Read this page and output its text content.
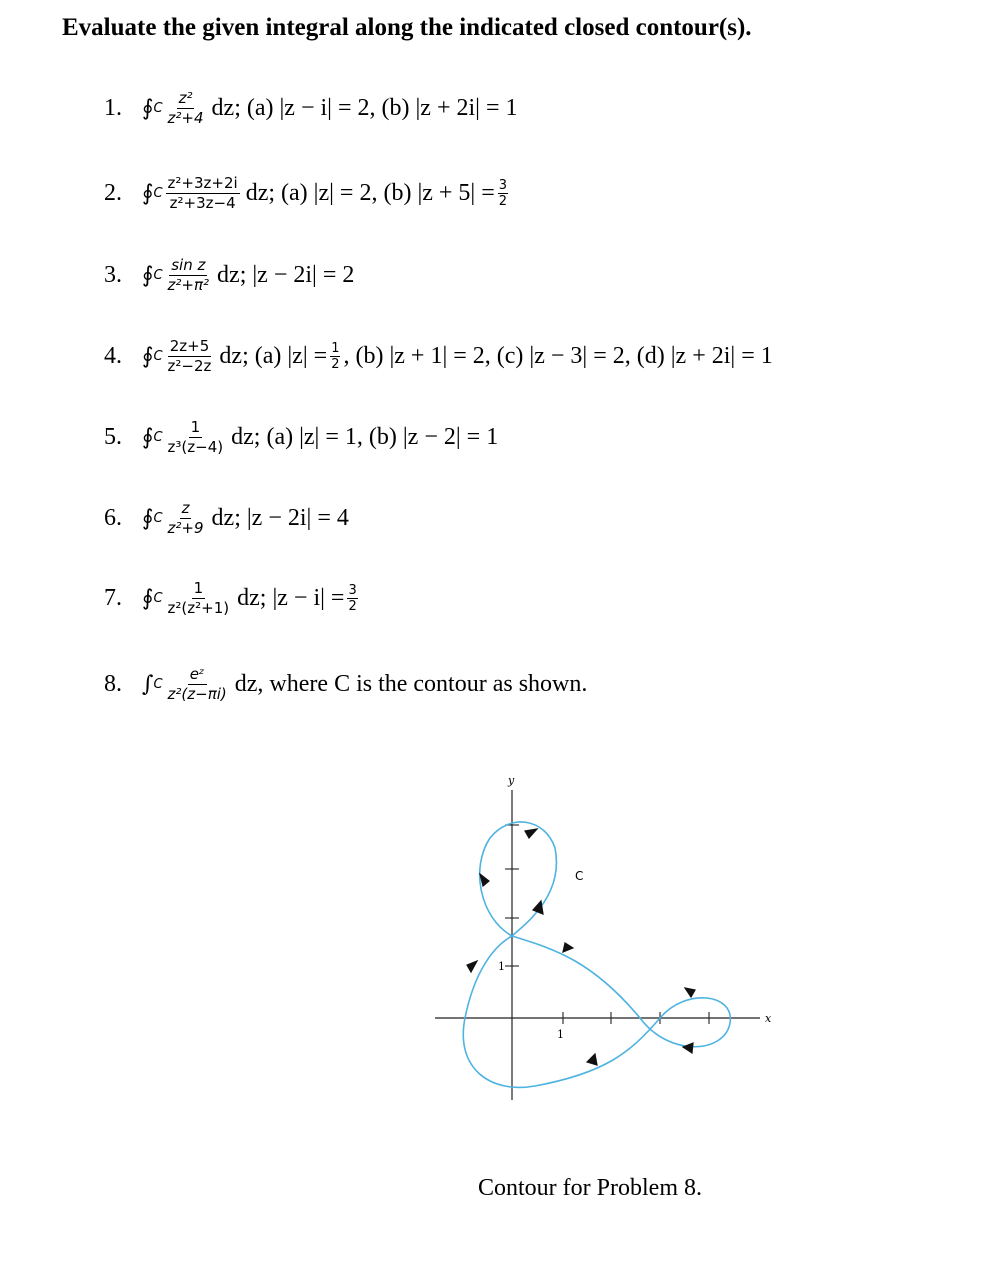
Evaluate the given integral along the indicated closed contour(s).
1. ∮ C $\frac{\text{z²}}{\text{z²+4}}$ dz; (a) |z − i| = 2, (b) |z + 2i| = 1
2. ∮ C $\frac{\text{z²+3z+2i}}{\text{z²+3z−4}}$ dz; (a) |z| = 2, (b) $|z + 5| = \frac{3}{2}$
3. ∮ C $\frac{\text{sin z}}{\text{z²+π²}}$ dz; |z − 2i| = 2
4. ∮ C $\frac{2z+5}{\text{z²−2z}}$ dz; (a) $|z| = \frac{1}{2}$ , (b) |z + 1| = 2, (c) |z − 3| = 2, (d) |z + 2i| = 1
5. ∮ C $\frac{1}{\text{z³(z−4)}}$ dz; (a) |z| = 1, (b) |z − 2| = 1
6. ∮ C $\frac{z}{\text{z²+9}}$ dz; |z − 2i| = 4
7. ∮ C $\frac{1}{\text{z²(z²+1)}}$ dz; $|z - i| = \frac{3}{2}$
8. ∫ C $\frac{\text{eᶻ}}{\text{z²(z−πi)}}$ dz, where C is the contour as shown.
x
y
1
1
C
Contour for Problem 8.
